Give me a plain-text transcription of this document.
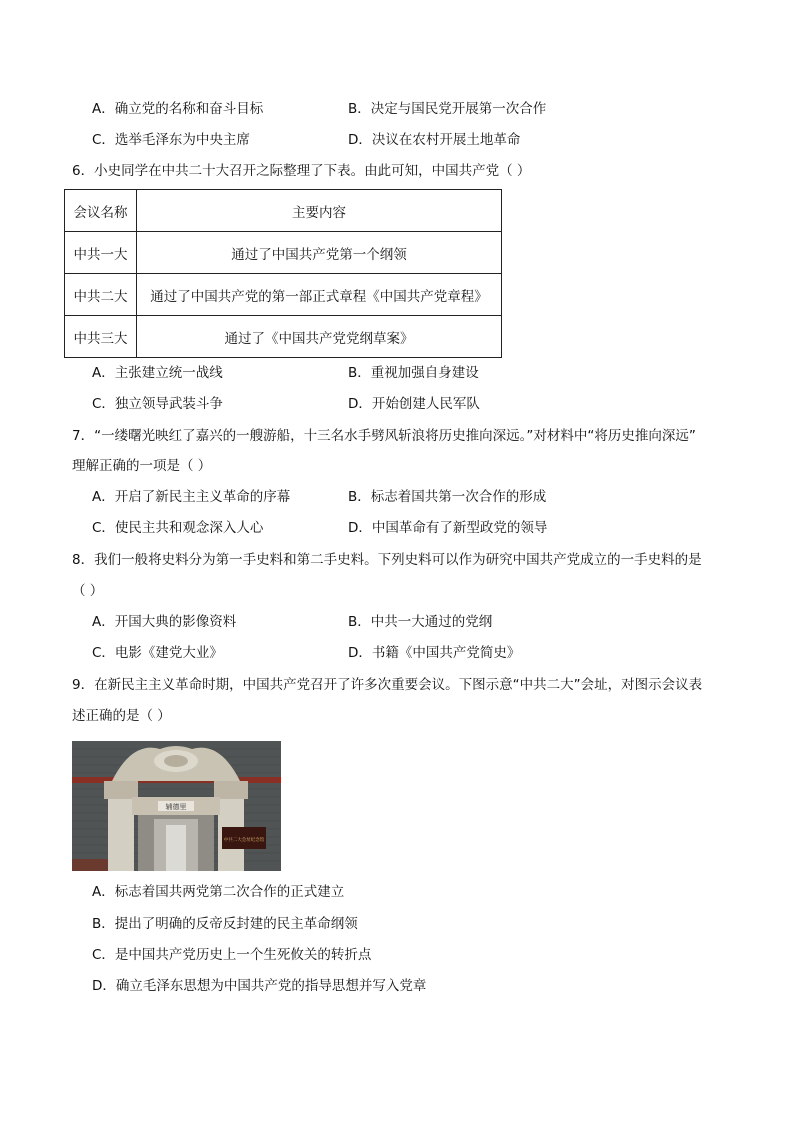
A．确立党的名称和奋斗目标	B．决定与国民党开展第一次合作
C．选举毛泽东为中央主席	D．决议在农村开展土地革命
6．小史同学在中共二十大召开之际整理了下表。由此可知，中国共产党（ ）
会议名称	主要内容
中共一大	通过了中国共产党第一个纲领
中共二大	通过了中国共产党的第一部正式章程《中国共产党章程》
中共三大	通过了《中国共产党党纲草案》
A．主张建立统一战线	B．重视加强自身建设
C．独立领导武装斗争	D．开始创建人民军队
7．“一缕曙光映红了嘉兴的一艘游船，十三名水手劈风斩浪将历史推向深远。”对材料中“将历史推向深远”
理解正确的一项是（ ）
A．开启了新民主主义革命的序幕	B．标志着国共第一次合作的形成
C．使民主共和观念深入人心	D．中国革命有了新型政党的领导
8．我们一般将史料分为第一手史料和第二手史料。下列史料可以作为研究中国共产党成立的一手史料的是
（ ）
A．开国大典的影像资料	B．中共一大通过的党纲
C．电影《建党大业》	D．书籍《中国共产党简史》
9．在新民主主义革命时期，中国共产党召开了许多次重要会议。下图示意“中共二大”会址，对图示会议表
述正确的是（ ）
辅德里
中共二大会址纪念馆
A．标志着国共两党第二次合作的正式建立
B．提出了明确的反帝反封建的民主革命纲领
C．是中国共产党历史上一个生死攸关的转折点
D．确立毛泽东思想为中国共产党的指导思想并写入党章
